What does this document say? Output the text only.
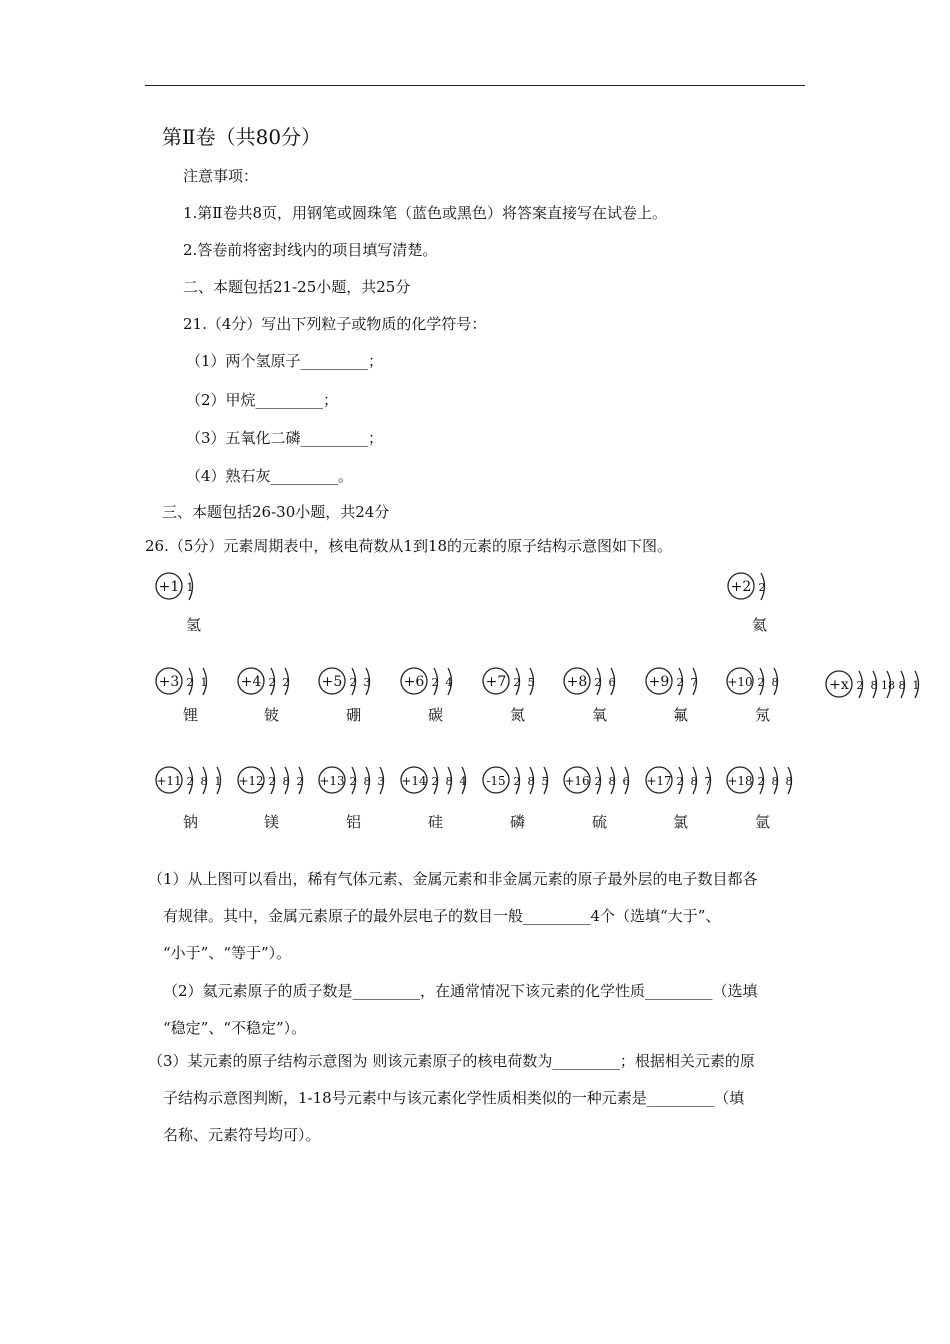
第Ⅱ卷（共80分）
注意事项：
1.第Ⅱ卷共8页，用钢笔或圆珠笔（蓝色或黑色）将答案直接写在试卷上。
2.答卷前将密封线内的项目填写清楚。
二、本题包括21-25小题，共25分
21.（4分）写出下列粒子或物质的化学符号：
（1）两个氢原子_________；
（2）甲烷_________；
（3）五氧化二磷_________；
（4）熟石灰_________。
三、本题包括26-30小题，共24分
26.（5分）元素周期表中，核电荷数从1到18的元素的原子结构示意图如下图。
+1 1
氢
+2 2
氦
+3 2 1
锂
+4 2 2
铍
+5 2 3
硼
+6 2 4
碳
+7 2 5
氮
+8 2 6
氧
+9 2 7
氟
+10 2 8
氖
+11 2 8 1
钠
+12 2 8 2
镁
+13 2 8 3
铝
+14 2 8 4
硅
-15 2 8 5
磷
+16 2 8 6
硫
+17 2 8 7
氯
+18 2 8 8
氩
+x 2 8 18 8 1
（1）从上图可以看出，稀有气体元素、金属元素和非金属元素的原子最外层的电子数目都各
有规律。其中，金属元素原子的最外层电子的数目一般_________4个（选填“大于”、
“小于”、“等于”）。
（2）氦元素原子的质子数是_________，在通常情况下该元素的化学性质_________（选填
“稳定”、“不稳定”）。
（3）某元素的原子结构示意图为 则该元素原子的核电荷数为_________；根据相关元素的原
子结构示意图判断，1-18号元素中与该元素化学性质相类似的一种元素是_________（填
名称、元素符号均可）。
